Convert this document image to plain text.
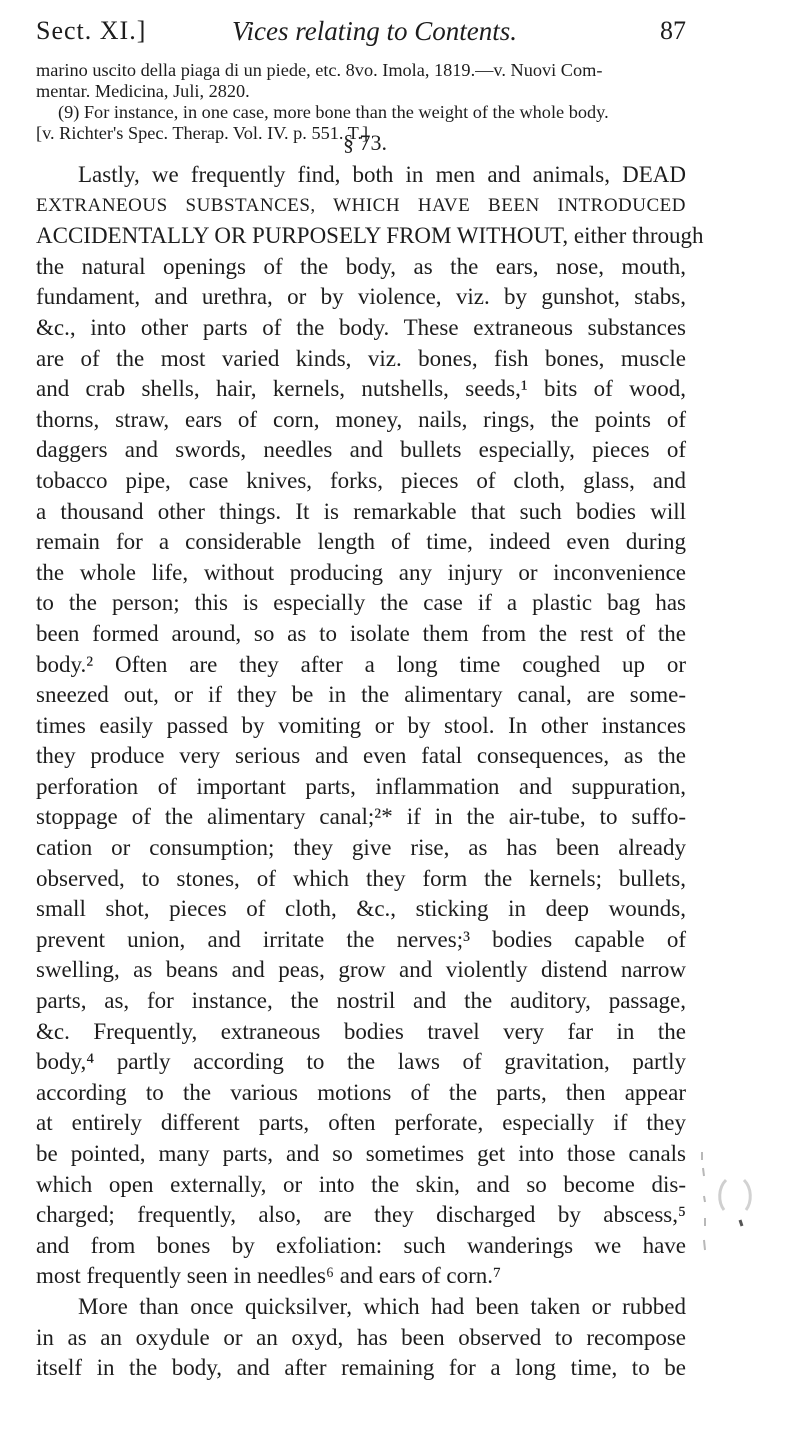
Sect. XI.]	Vices relating to Contents.	87
marino uscito della piaga di un piede, etc. 8vo. Imola, 1819.—v. Nuovi Com-
mentar. Medicina, Juli, 2820.
(9) For instance, in one case, more bone than the weight of the whole body.
[v. Richter's Spec. Therap. Vol. IV. p. 551. T.]
§ 73.
Lastly, we frequently find, both in men and animals, DEAD
EXTRANEOUS SUBSTANCES, WHICH HAVE BEEN INTRODUCED
ACCIDENTALLY OR PURPOSELY FROM WITHOUT, either through
the natural openings of the body, as the ears, nose, mouth,
fundament, and urethra, or by violence, viz. by gunshot, stabs,
&c., into other parts of the body. These extraneous substances
are of the most varied kinds, viz. bones, fish bones, muscle
and crab shells, hair, kernels, nutshells, seeds,¹ bits of wood,
thorns, straw, ears of corn, money, nails, rings, the points of
daggers and swords, needles and bullets especially, pieces of
tobacco pipe, case knives, forks, pieces of cloth, glass, and
a thousand other things. It is remarkable that such bodies will
remain for a considerable length of time, indeed even during
the whole life, without producing any injury or inconvenience
to the person; this is especially the case if a plastic bag has
been formed around, so as to isolate them from the rest of the
body.² Often are they after a long time coughed up or
sneezed out, or if they be in the alimentary canal, are some-
times easily passed by vomiting or by stool. In other instances
they produce very serious and even fatal consequences, as the
perforation of important parts, inflammation and suppuration,
stoppage of the alimentary canal;²* if in the air-tube, to suffo-
cation or consumption; they give rise, as has been already
observed, to stones, of which they form the kernels; bullets,
small shot, pieces of cloth, &c., sticking in deep wounds,
prevent union, and irritate the nerves;³ bodies capable of
swelling, as beans and peas, grow and violently distend narrow
parts, as, for instance, the nostril and the auditory, passage,
&c. Frequently, extraneous bodies travel very far in the
body,⁴ partly according to the laws of gravitation, partly
according to the various motions of the parts, then appear
at entirely different parts, often perforate, especially if they
be pointed, many parts, and so sometimes get into those canals
which open externally, or into the skin, and so become dis-
charged; frequently, also, are they discharged by abscess,⁵
and from bones by exfoliation: such wanderings we have
most frequently seen in needles⁶ and ears of corn.⁷
More than once quicksilver, which had been taken or rubbed
in as an oxydule or an oxyd, has been observed to recompose
itself in the body, and after remaining for a long time, to be
